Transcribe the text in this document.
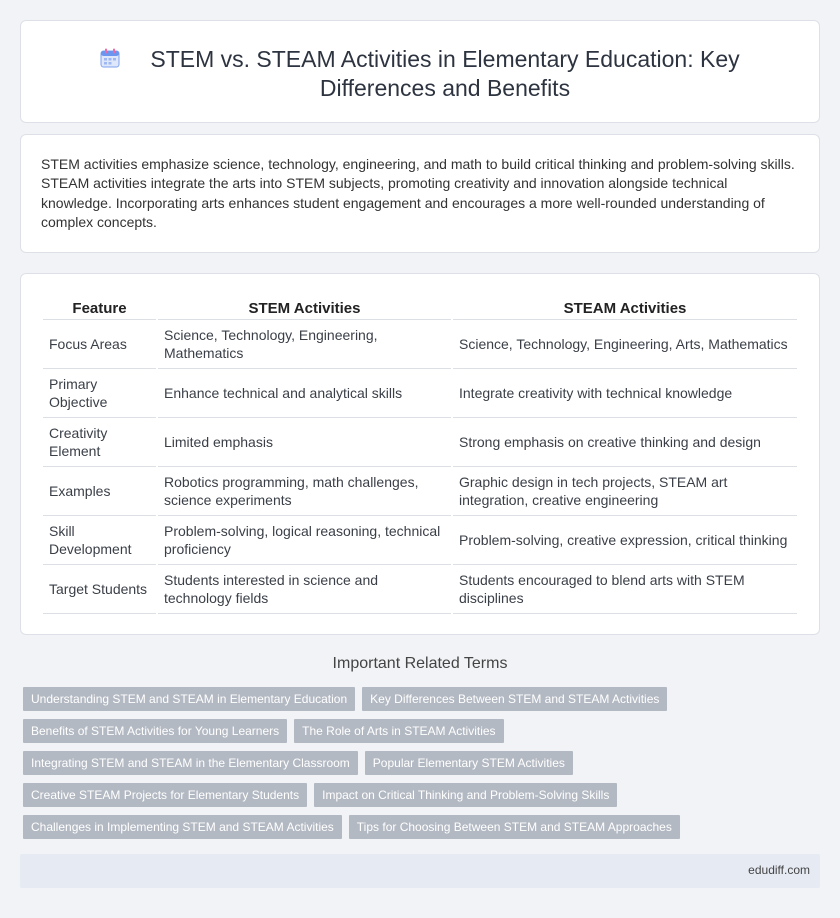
STEM vs. STEAM Activities in Elementary Education: Key Differences and Benefits

STEM activities emphasize science, technology, engineering, and math to build critical thinking and problem-solving skills. STEAM activities integrate the arts into STEM subjects, promoting creativity and innovation alongside technical knowledge. Incorporating arts enhances student engagement and encourages a more well-rounded understanding of complex concepts.

Feature	STEM Activities	STEAM Activities
Focus Areas	Science, Technology, Engineering, Mathematics	Science, Technology, Engineering, Arts, Mathematics
Primary Objective	Enhance technical and analytical skills	Integrate creativity with technical knowledge
Creativity Element	Limited emphasis	Strong emphasis on creative thinking and design
Examples	Robotics programming, math challenges, science experiments	Graphic design in tech projects, STEAM art integration, creative engineering
Skill Development	Problem-solving, logical reasoning, technical proficiency	Problem-solving, creative expression, critical thinking
Target Students	Students interested in science and technology fields	Students encouraged to blend arts with STEM disciplines
Important Related Terms
Understanding STEM and STEAM in Elementary Education	Key Differences Between STEM and STEAM Activities
Benefits of STEM Activities for Young Learners	The Role of Arts in STEAM Activities
Integrating STEM and STEAM in the Elementary Classroom	Popular Elementary STEM Activities
Creative STEAM Projects for Elementary Students	Impact on Critical Thinking and Problem-Solving Skills
Challenges in Implementing STEM and STEAM Activities	Tips for Choosing Between STEM and STEAM Approaches
edudiff.com
